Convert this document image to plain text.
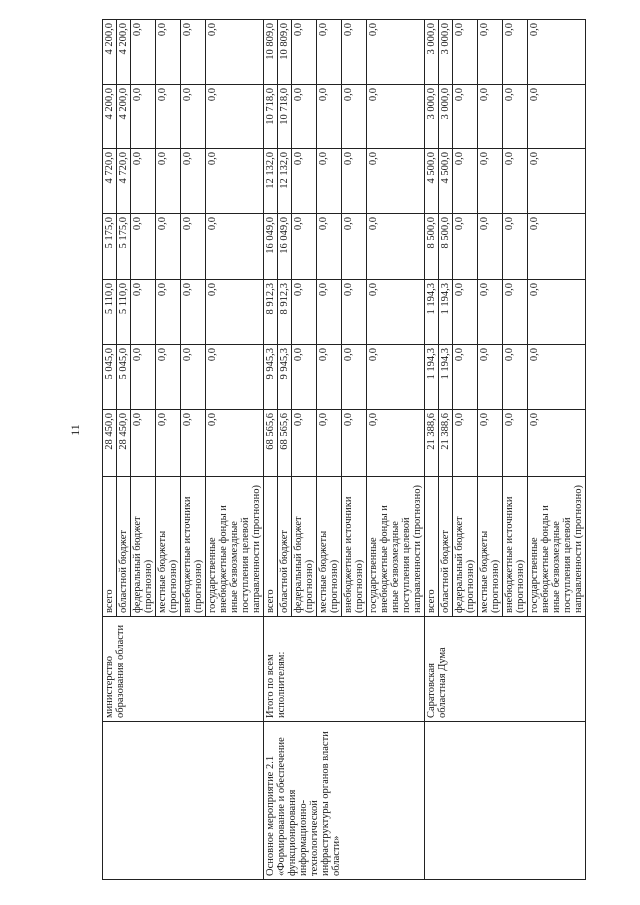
11
	министерство образования области	всего	28 450,0	5 045,0	5 110,0	5 175,0	4 720,0	4 200,0	4 200,0
		областной бюджет	28 450,0	5 045,0	5 110,0	5 175,0	4 720,0	4 200,0	4 200,0
		федеральный бюджет (прогнозно)	0,0	0,0	0,0	0,0	0,0	0,0	0,0
		местные бюджеты (прогнозно)	0,0	0,0	0,0	0,0	0,0	0,0	0,0
		внебюджетные источники (прогнозно)	0,0	0,0	0,0	0,0	0,0	0,0	0,0
		государственные внебюджетные фонды и иные безвозмездные поступления целевой направленности (прогнозно)	0,0	0,0	0,0	0,0	0,0	0,0	0,0
Основное мероприятие 2.1 «Формирование и обеспечение функционирования информационно-технологической инфраструктуры органов власти области»	Итого по всем исполнителям:	всего	68 565,6	9 945,3	8 912,3	16 049,0	12 132,0	10 718,0	10 809,0
		областной бюджет	68 565,6	9 945,3	8 912,3	16 049,0	12 132,0	10 718,0	10 809,0
		федеральный бюджет (прогнозно)	0,0	0,0	0,0	0,0	0,0	0,0	0,0
		местные бюджеты (прогнозно)	0,0	0,0	0,0	0,0	0,0	0,0	0,0
		внебюджетные источники (прогнозно)	0,0	0,0	0,0	0,0	0,0	0,0	0,0
		государственные внебюджетные фонды и иные безвозмездные поступления целевой направленности (прогнозно)	0,0	0,0	0,0	0,0	0,0	0,0	0,0
	Саратовская областная Дума	всего	21 388,6	1 194,3	1 194,3	8 500,0	4 500,0	3 000,0	3 000,0
		областной бюджет	21 388,6	1 194,3	1 194,3	8 500,0	4 500,0	3 000,0	3 000,0
		федеральный бюджет (прогнозно)	0,0	0,0	0,0	0,0	0,0	0,0	0,0
		местные бюджеты (прогнозно)	0,0	0,0	0,0	0,0	0,0	0,0	0,0
		внебюджетные источники (прогнозно)	0,0	0,0	0,0	0,0	0,0	0,0	0,0
		государственные внебюджетные фонды и иные безвозмездные поступления целевой направленности (прогнозно)	0,0	0,0	0,0	0,0	0,0	0,0	0,0
